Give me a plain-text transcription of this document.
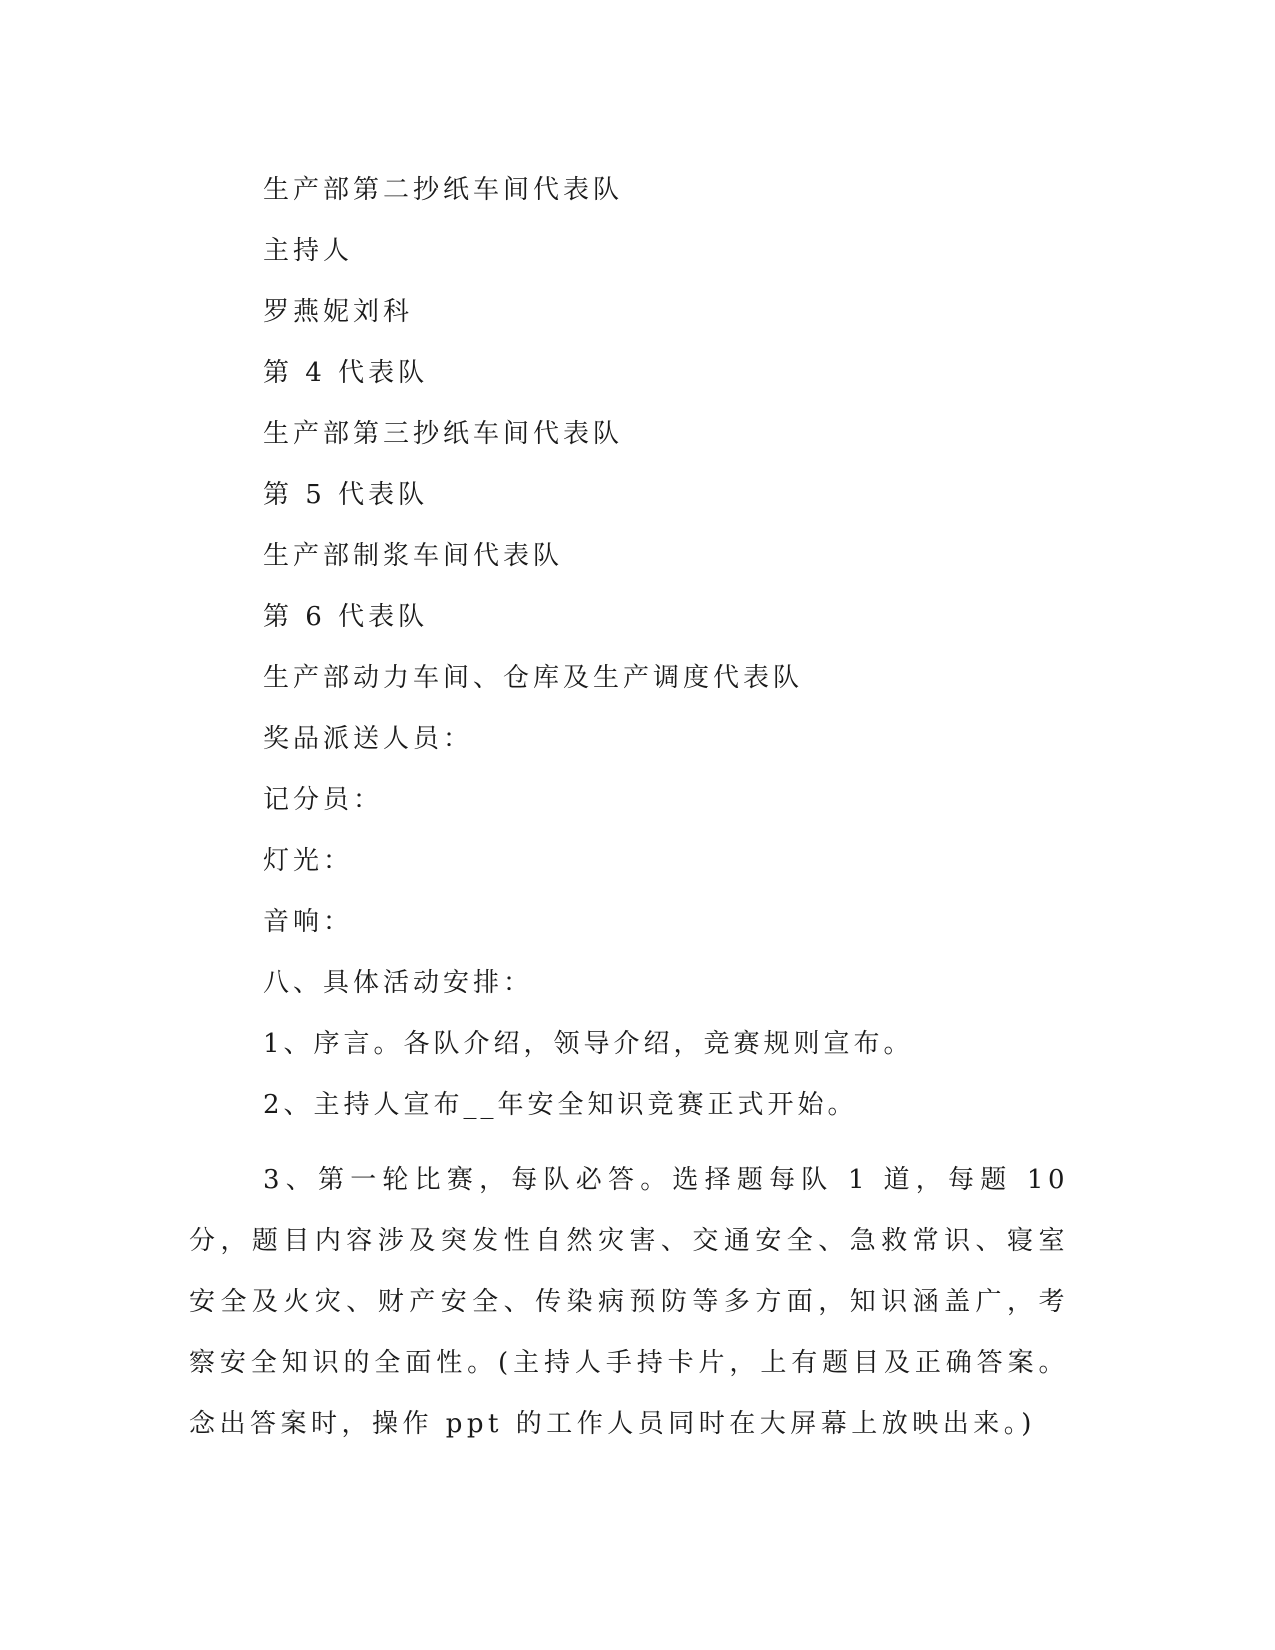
生产部第二抄纸车间代表队
主持人
罗燕妮刘科
第 4 代表队
生产部第三抄纸车间代表队
第 5 代表队
生产部制浆车间代表队
第 6 代表队
生产部动力车间、仓库及生产调度代表队
奖品派送人员：
记分员：
灯光：
音响：
八、具体活动安排：
1、序言。各队介绍，领导介绍，竞赛规则宣布。
2、主持人宣布__年安全知识竞赛正式开始。

3、第一轮比赛，每队必答。选择题每队 1 道，每题 10 分，题目内容涉及突发性自然灾害、交通安全、急救常识、寝室安全及火灾、财产安全、传染病预防等多方面，知识涵盖广，考察安全知识的全面性。(主持人手持卡片，上有题目及正确答案。念出答案时，操作 ppt 的工作人员同时在大屏幕上放映出来。)
